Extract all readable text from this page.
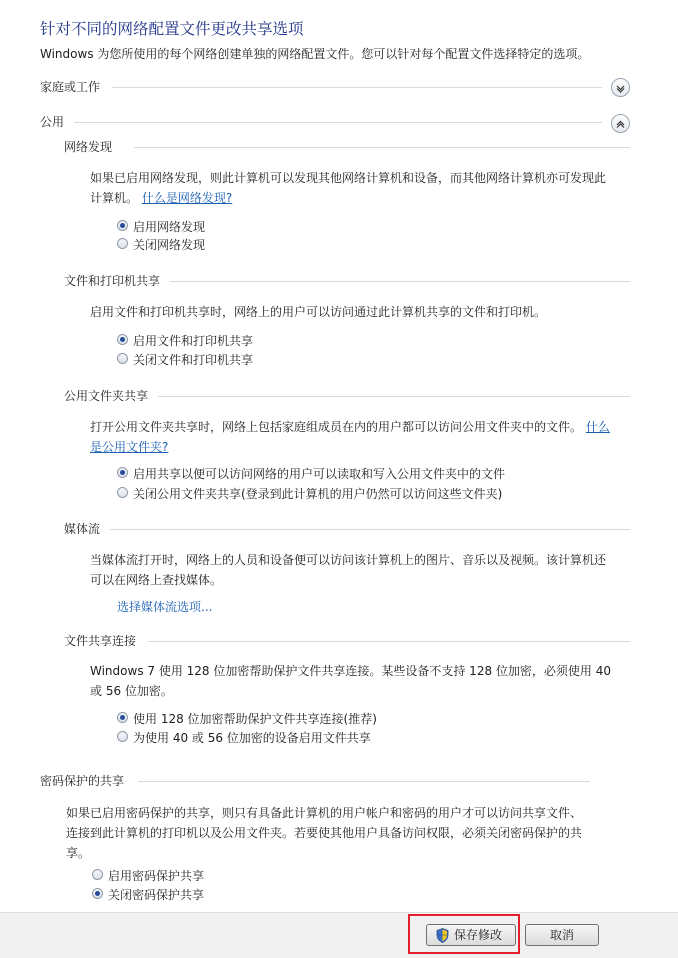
针对不同的网络配置文件更改共享选项
Windows 为您所使用的每个网络创建单独的网络配置文件。您可以针对每个配置文件选择特定的选项。
家庭或工作
公用
网络发现
如果已启用网络发现，则此计算机可以发现其他网络计算机和设备，而其他网络计算机亦可发现此
计算机。 什么是网络发现?
启用网络发现
关闭网络发现
文件和打印机共享
启用文件和打印机共享时，网络上的用户可以访问通过此计算机共享的文件和打印机。
启用文件和打印机共享
关闭文件和打印机共享
公用文件夹共享
打开公用文件夹共享时，网络上包括家庭组成员在内的用户都可以访问公用文件夹中的文件。 什么
是公用文件夹?
启用共享以便可以访问网络的用户可以读取和写入公用文件夹中的文件
关闭公用文件夹共享(登录到此计算机的用户仍然可以访问这些文件夹)
媒体流
当媒体流打开时，网络上的人员和设备便可以访问该计算机上的图片、音乐以及视频。该计算机还
可以在网络上查找媒体。
选择媒体流选项...
文件共享连接
Windows 7 使用 128 位加密帮助保护文件共享连接。某些设备不支持 128 位加密，必须使用 40
或 56 位加密。
使用 128 位加密帮助保护文件共享连接(推荐)
为使用 40 或 56 位加密的设备启用文件共享
密码保护的共享
如果已启用密码保护的共享，则只有具备此计算机的用户帐户和密码的用户才可以访问共享文件、
连接到此计算机的打印机以及公用文件夹。若要使其他用户具备访问权限，必须关闭密码保护的共
享。
启用密码保护共享
关闭密码保护共享
保存修改	取消
